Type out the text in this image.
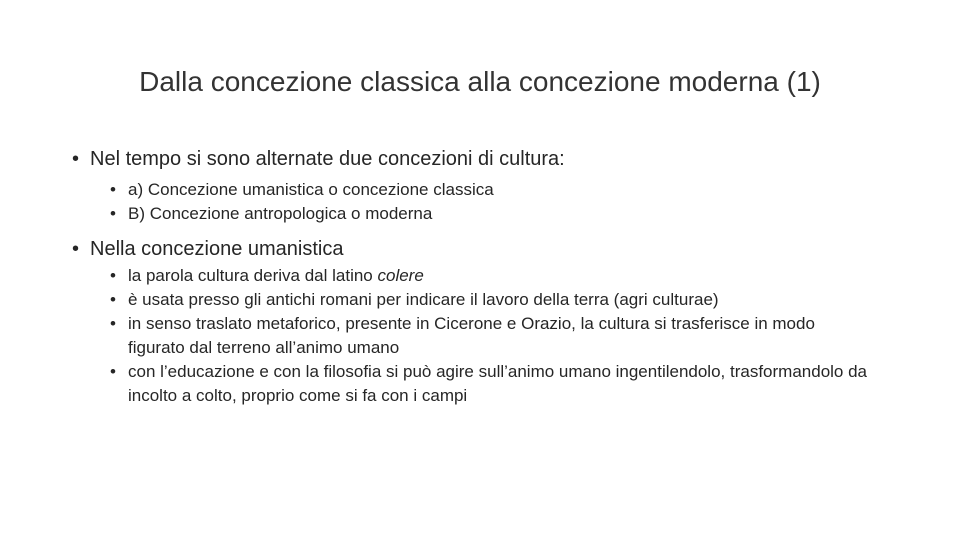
Dalla concezione classica alla concezione moderna (1)
• Nel tempo si sono alternate due concezioni di cultura:
• a) Concezione umanistica o concezione classica
• B) Concezione antropologica o moderna
• Nella concezione umanistica
• la parola cultura deriva dal latino colere
• è usata presso gli antichi romani per indicare il lavoro della terra (agri culturae)
• in senso traslato metaforico, presente in Cicerone e Orazio, la cultura si trasferisce in modo figurato dal terreno all’animo umano
• con l’educazione e con la filosofia si può agire sull’animo umano ingentilendolo, trasformandolo da incolto a colto, proprio come si fa con i campi
